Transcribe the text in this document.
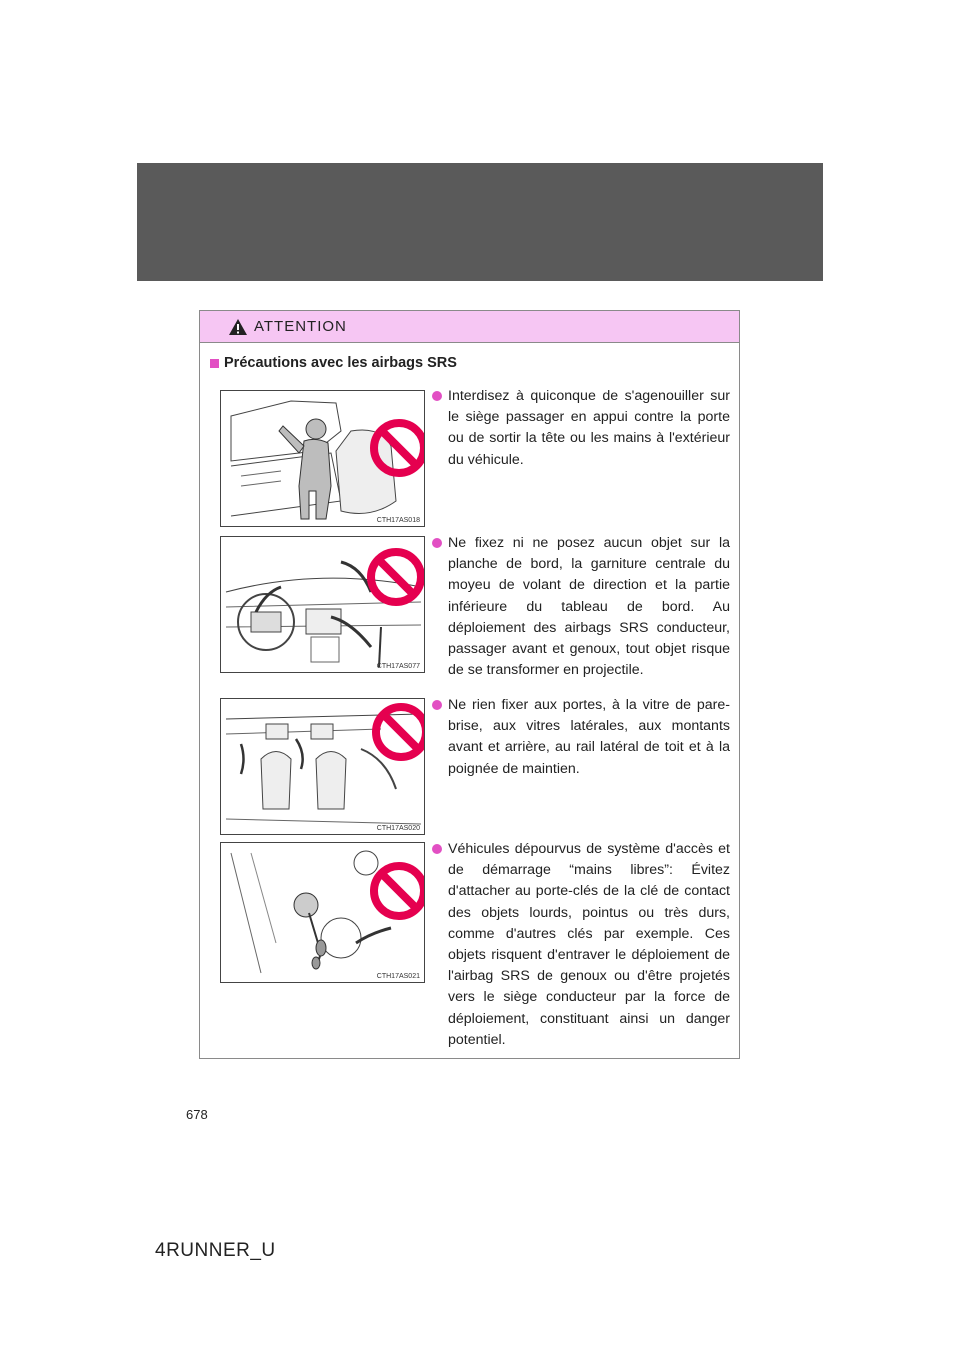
ATTENTION
Précautions avec les airbags SRS
CTH17AS018
Interdisez à quiconque de s'agenouiller sur le siège passager en appui contre la porte ou de sortir la tête ou les mains à l'extérieur du véhicule.
CTH17AS077
Ne fixez ni ne posez aucun objet sur la planche de bord, la garniture centrale du moyeu de volant de direction et la partie inférieure du tableau de bord. Au déploiement des airbags SRS conducteur, passager avant et genoux, tout objet risque de se transformer en projectile.
CTH17AS020
Ne rien fixer aux portes, à la vitre de pare-brise, aux vitres latérales, aux montants avant et arrière, au rail latéral de toit et à la poignée de maintien.
CTH17AS021
Véhicules dépourvus de système d'accès et de démarrage “mains libres”: Évitez d'attacher au porte-clés de la clé de contact des objets lourds, pointus ou très durs, comme d'autres clés par exemple. Ces objets risquent d'entraver le déploiement de l'airbag SRS de genoux ou d'être projetés vers le siège conducteur par la force de déploiement, constituant ainsi un danger potentiel.
678
4RUNNER_U
